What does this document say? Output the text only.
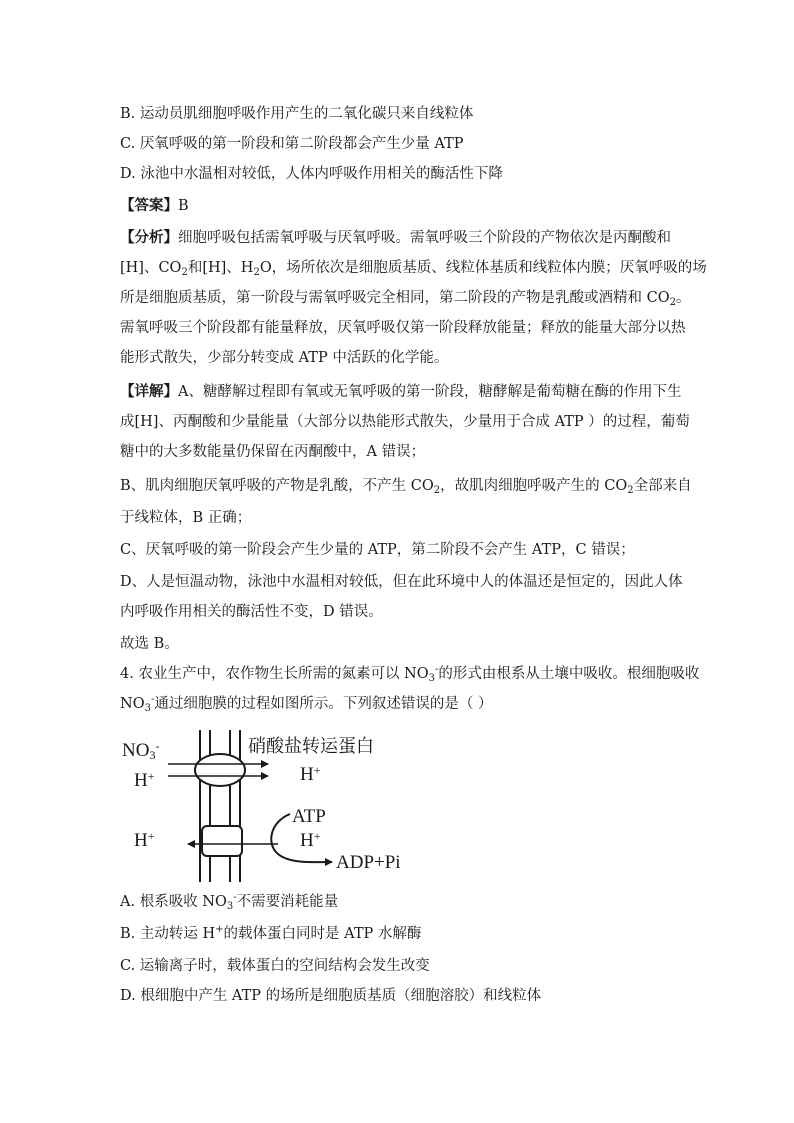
B. 运动员肌细胞呼吸作用产生的二氧化碳只来自线粒体
C. 厌氧呼吸的第一阶段和第二阶段都会产生少量 ATP
D. 泳池中水温相对较低，人体内呼吸作用相关的酶活性下降
【答案】B
【分析】细胞呼吸包括需氧呼吸与厌氧呼吸。需氧呼吸三个阶段的产物依次是丙酮酸和
[H]、$CO_2$和[H]、$H_2O$，场所依次是细胞质基质、线粒体基质和线粒体内膜；厌氧呼吸的场
所是细胞质基质，第一阶段与需氧呼吸完全相同，第二阶段的产物是乳酸或酒精和 $CO_2$。
需氧呼吸三个阶段都有能量释放，厌氧呼吸仅第一阶段释放能量；释放的能量大部分以热
能形式散失，少部分转变成 ATP 中活跃的化学能。
【详解】A、糖酵解过程即有氧或无氧呼吸的第一阶段，糖酵解是葡萄糖在酶的作用下生
成[H]、丙酮酸和少量能量（大部分以热能形式散失，少量用于合成 ATP ）的过程，葡萄
糖中的大多数能量仍保留在丙酮酸中，A 错误；
B、肌肉细胞厌氧呼吸的产物是乳酸，不产生 $CO_2$，故肌肉细胞呼吸产生的 $CO_2$全部来自
于线粒体，B 正确；
C、厌氧呼吸的第一阶段会产生少量的 ATP，第二阶段不会产生 ATP，C 错误；
D、人是恒温动物，泳池中水温相对较低，但在此环境中人的体温还是恒定的，因此人体
内呼吸作用相关的酶活性不变，D 错误。
故选 B。
4. 农业生产中，农作物生长所需的氮素可以 $NO_3^-$的形式由根系从土壤中吸收。根细胞吸收
$NO_3^-$通过细胞膜的过程如图所示。下列叙述错误的是（ ）
$NO_3^-$
H+
硝酸盐转运蛋白
H+
H+
ATP
H+
ADP+Pi
A. 根系吸收 $NO_3^-$不需要消耗能量
B. 主动转运 H+的载体蛋白同时是 ATP 水解酶
C. 运输离子时，载体蛋白的空间结构会发生改变
D. 根细胞中产生 ATP 的场所是细胞质基质（细胞溶胶）和线粒体
